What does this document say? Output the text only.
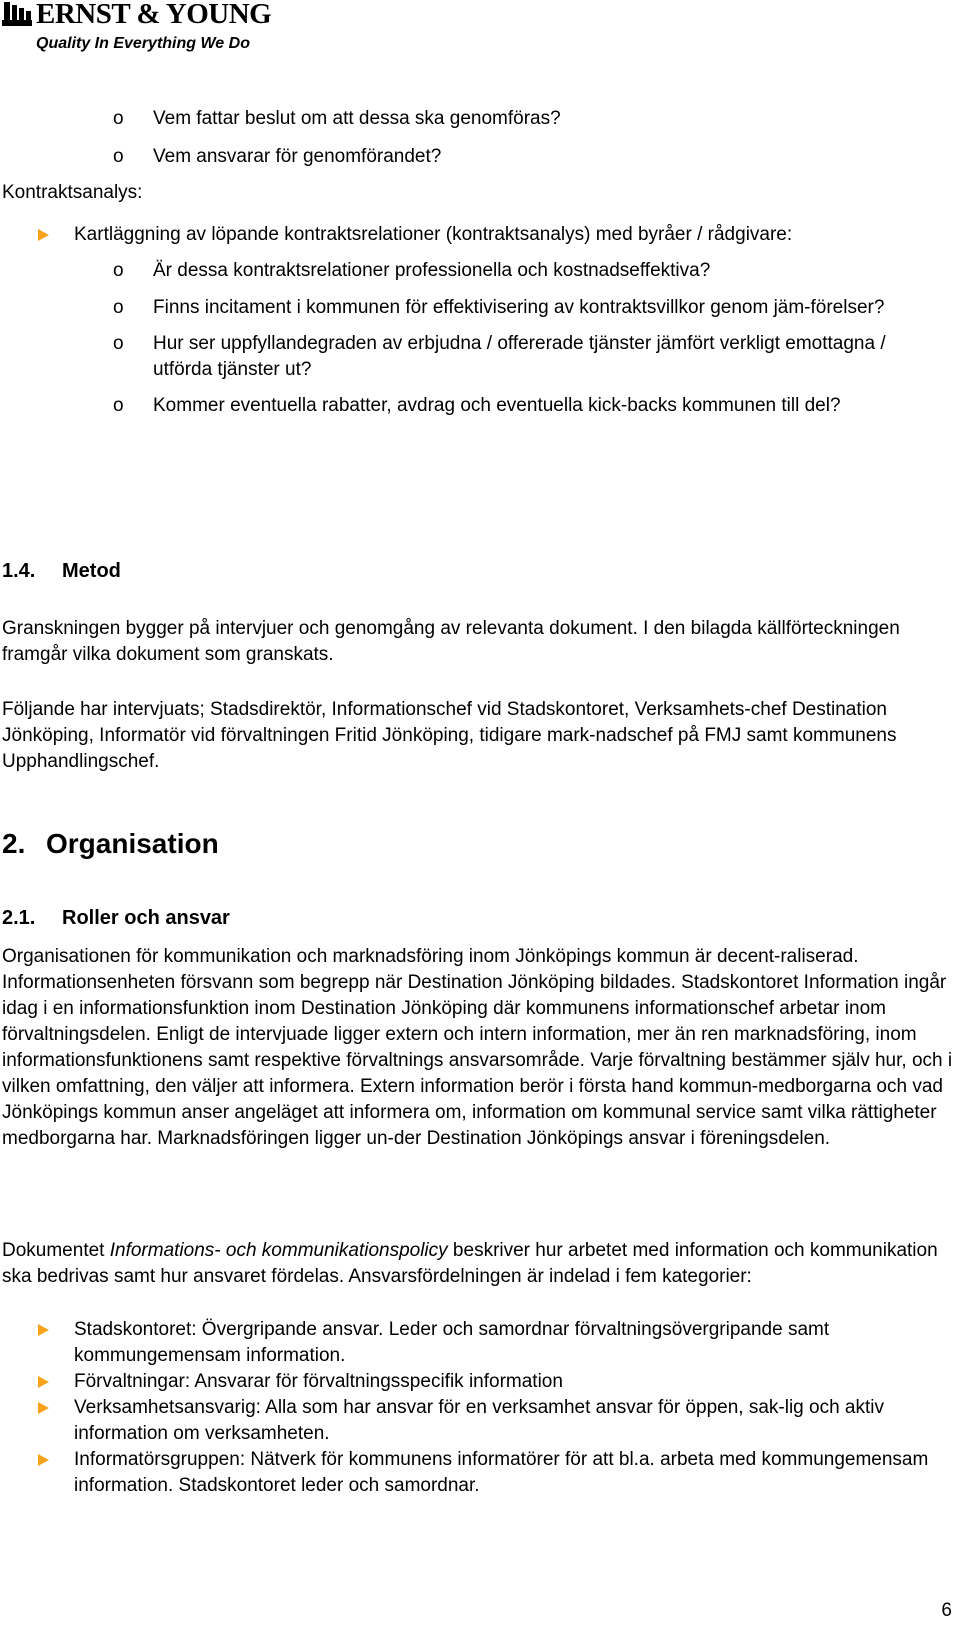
ERNST & YOUNG
Quality In Everything We Do
o Vem fattar beslut om att dessa ska genomföras?
o Vem ansvarar för genomförandet?
Kontraktsanalys:
Kartläggning av löpande kontraktsrelationer (kontraktsanalys) med byråer / rådgivare:
o Är dessa kontraktsrelationer professionella och kostnadseffektiva?
o Finns incitament i kommunen för effektivisering av kontraktsvillkor genom jäm-förelser?
o Hur ser uppfyllandegraden av erbjudna / offererade tjänster jämfört verkligt emottagna / utförda tjänster ut?
o Kommer eventuella rabatter, avdrag och eventuella kick-backs kommunen till del?
1.4. Metod
Granskningen bygger på intervjuer och genomgång av relevanta dokument. I den bilagda källförteckningen framgår vilka dokument som granskats.
Följande har intervjuats; Stadsdirektör, Informationschef vid Stadskontoret, Verksamhets-chef Destination Jönköping, Informatör vid förvaltningen Fritid Jönköping, tidigare mark-nadschef på FMJ samt kommunens Upphandlingschef.
2. Organisation
2.1. Roller och ansvar
Organisationen för kommunikation och marknadsföring inom Jönköpings kommun är decent-raliserad. Informationsenheten försvann som begrepp när Destination Jönköping bildades. Stadskontoret Information ingår idag i en informationsfunktion inom Destination Jönköping där kommunens informationschef arbetar inom förvaltningsdelen. Enligt de intervjuade ligger extern och intern information, mer än ren marknadsföring, inom informationsfunktionens samt respektive förvaltnings ansvarsområde. Varje förvaltning bestämmer själv hur, och i vilken omfattning, den väljer att informera. Extern information berör i första hand kommun-medborgarna och vad Jönköpings kommun anser angeläget att informera om, information om kommunal service samt vilka rättigheter medborgarna har. Marknadsföringen ligger un-der Destination Jönköpings ansvar i föreningsdelen.
Dokumentet Informations- och kommunikationspolicy beskriver hur arbetet med information och kommunikation ska bedrivas samt hur ansvaret fördelas. Ansvarsfördelningen är indelad i fem kategorier:
Stadskontoret: Övergripande ansvar. Leder och samordnar förvaltningsövergripande samt kommungemensam information.
Förvaltningar: Ansvarar för förvaltningsspecifik information
Verksamhetsansvarig: Alla som har ansvar för en verksamhet ansvar för öppen, sak-lig och aktiv information om verksamheten.
Informatörsgruppen: Nätverk för kommunens informatörer för att bl.a. arbeta med kommungemensam information. Stadskontoret leder och samordnar.
6
